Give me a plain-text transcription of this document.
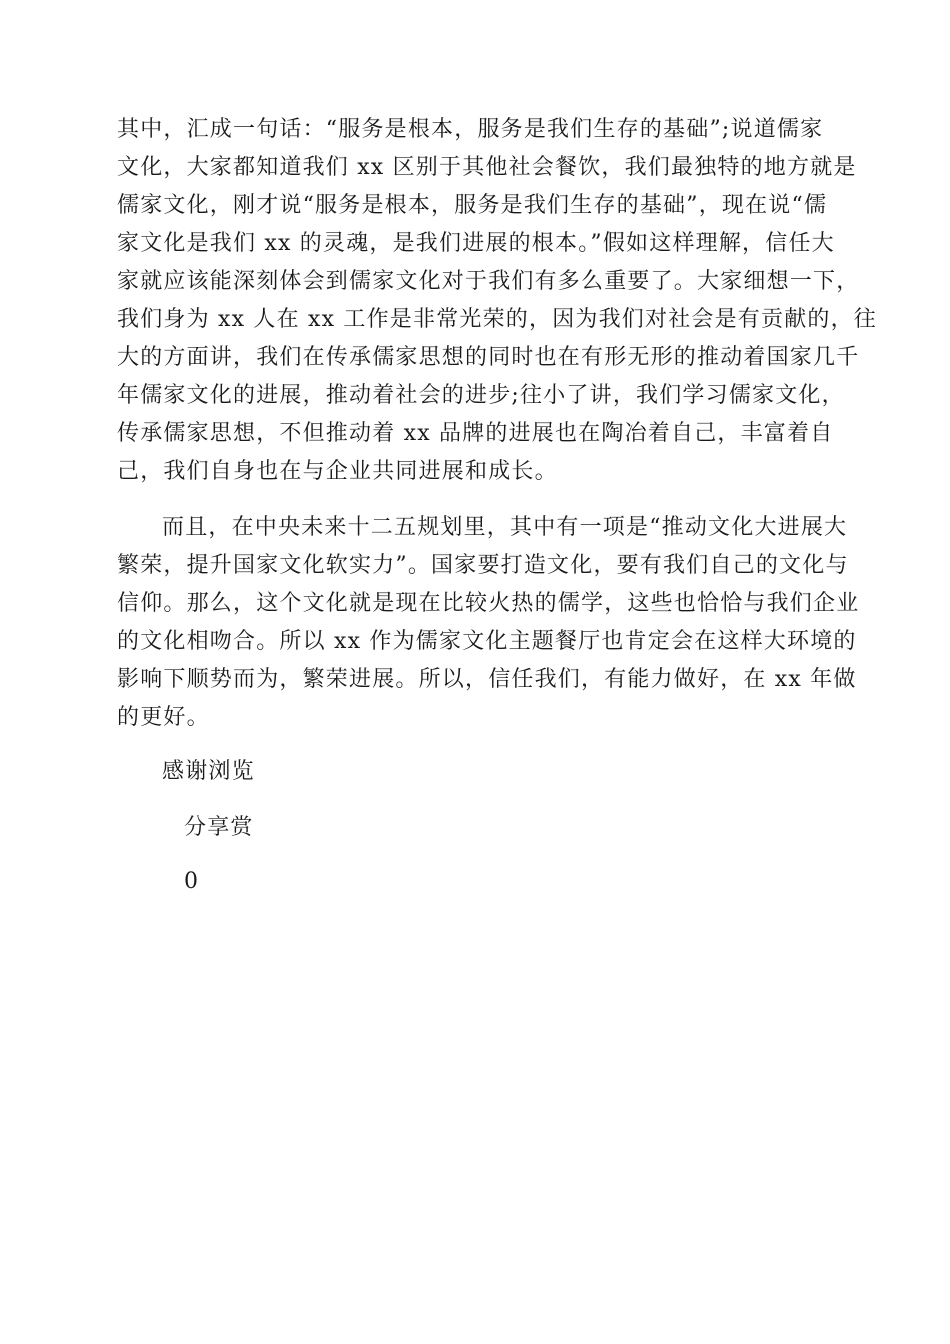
其中，汇成一句话：“服务是根本，服务是我们生存的基础”;说道儒家
文化，大家都知道我们 xx 区别于其他社会餐饮，我们最独特的地方就是
儒家文化，刚才说“服务是根本，服务是我们生存的基础”，现在说“儒
家文化是我们 xx 的灵魂，是我们进展的根本。”假如这样理解，信任大
家就应该能深刻体会到儒家文化对于我们有多么重要了。大家细想一下，
我们身为 xx 人在 xx 工作是非常光荣的，因为我们对社会是有贡献的，往
大的方面讲，我们在传承儒家思想的同时也在有形无形的推动着国家几千
年儒家文化的进展，推动着社会的进步;往小了讲，我们学习儒家文化，
传承儒家思想，不但推动着 xx 品牌的进展也在陶冶着自己，丰富着自
己，我们自身也在与企业共同进展和成长。
而且，在中央未来十二五规划里，其中有一项是“推动文化大进展大
繁荣，提升国家文化软实力”。国家要打造文化，要有我们自己的文化与
信仰。那么，这个文化就是现在比较火热的儒学，这些也恰恰与我们企业
的文化相吻合。所以 xx 作为儒家文化主题餐厅也肯定会在这样大环境的
影响下顺势而为，繁荣进展。所以，信任我们，有能力做好，在 xx 年做
的更好。
感谢浏览
分享赏
0
